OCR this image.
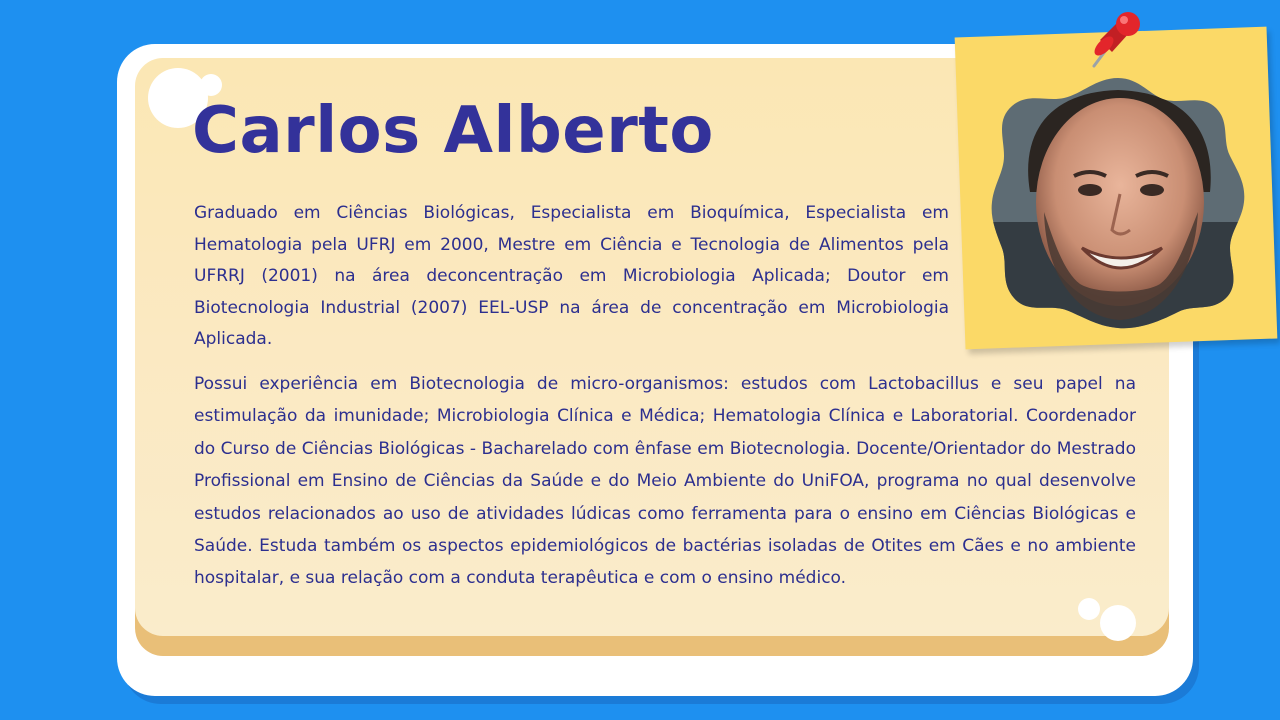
Carlos Alberto

Graduado em Ciências Biológicas, Especialista em Bioquímica, Especialista em Hematologia pela UFRJ em 2000, Mestre em Ciência e Tecnologia de Alimentos pela UFRRJ (2001) na área deconcentração em Microbiologia Aplicada; Doutor em Biotecnologia Industrial (2007) EEL-USP na área de concentração em Microbiologia Aplicada.

Possui experiência em Biotecnologia de micro-organismos: estudos com Lactobacillus e seu papel na estimulação da imunidade; Microbiologia Clínica e Médica; Hematologia Clínica e Laboratorial. Coordenador do Curso de Ciências Biológicas - Bacharelado com ênfase em Biotecnologia. Docente/Orientador do Mestrado Profissional em Ensino de Ciências da Saúde e do Meio Ambiente do UniFOA, programa no qual desenvolve estudos relacionados ao uso de atividades lúdicas como ferramenta para o ensino em Ciências Biológicas e Saúde. Estuda também os aspectos epidemiológicos de bactérias isoladas de Otites em Cães e no ambiente hospitalar, e sua relação com a conduta terapêutica e com o ensino médico.
